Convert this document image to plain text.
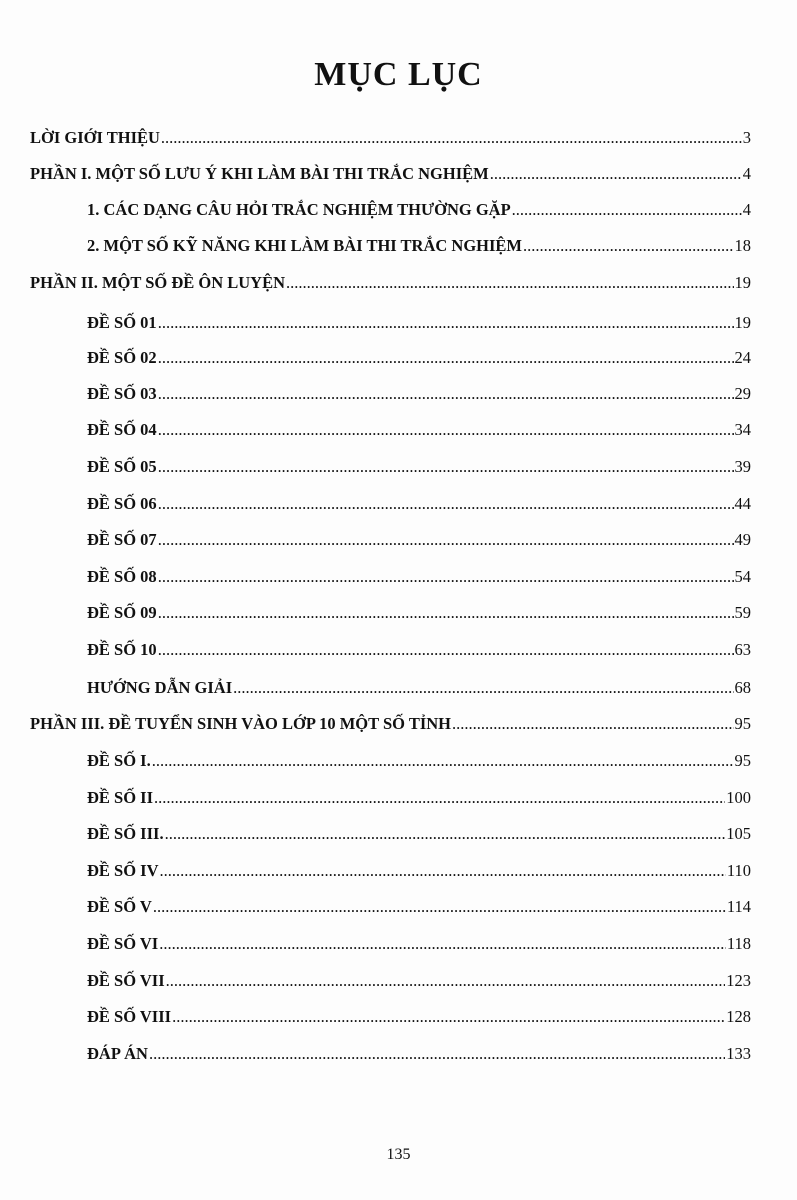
MỤC LỤC
LỜI GIỚI THIỆU .....	3
PHẦN I. MỘT SỐ LƯU Ý KHI LÀM BÀI THI TRẮC NGHIỆM .....	4
1. CÁC DẠNG CÂU HỎI TRẮC NGHIỆM THƯỜNG GẶP .....	4
2. MỘT SỐ KỸ NĂNG KHI LÀM BÀI THI TRẮC NGHIỆM .....	18
PHẦN II. MỘT SỐ ĐỀ ÔN LUYỆN .....	19
ĐỀ SỐ 01 .....	19
ĐỀ SỐ 02 .....	24
ĐỀ SỐ 03 .....	29
ĐỀ SỐ 04 .....	34
ĐỀ SỐ 05 .....	39
ĐỀ SỐ 06 .....	44
ĐỀ SỐ 07 .....	49
ĐỀ SỐ 08 .....	54
ĐỀ SỐ 09 .....	59
ĐỀ SỐ 10 .....	63
HƯỚNG DẪN GIẢI .....	68
PHẦN III. ĐỀ TUYỂN SINH VÀO LỚP 10 MỘT SỐ TỈNH .....	95
ĐỀ SỐ I. .....	95
ĐỀ SỐ II .....	100
ĐỀ SỐ III. .....	105
ĐỀ SỐ IV .....	110
ĐỀ SỐ V .....	114
ĐỀ SỐ VI .....	118
ĐỀ SỐ VII .....	123
ĐỀ SỐ VIII .....	128
ĐÁP ÁN .....	133
135
